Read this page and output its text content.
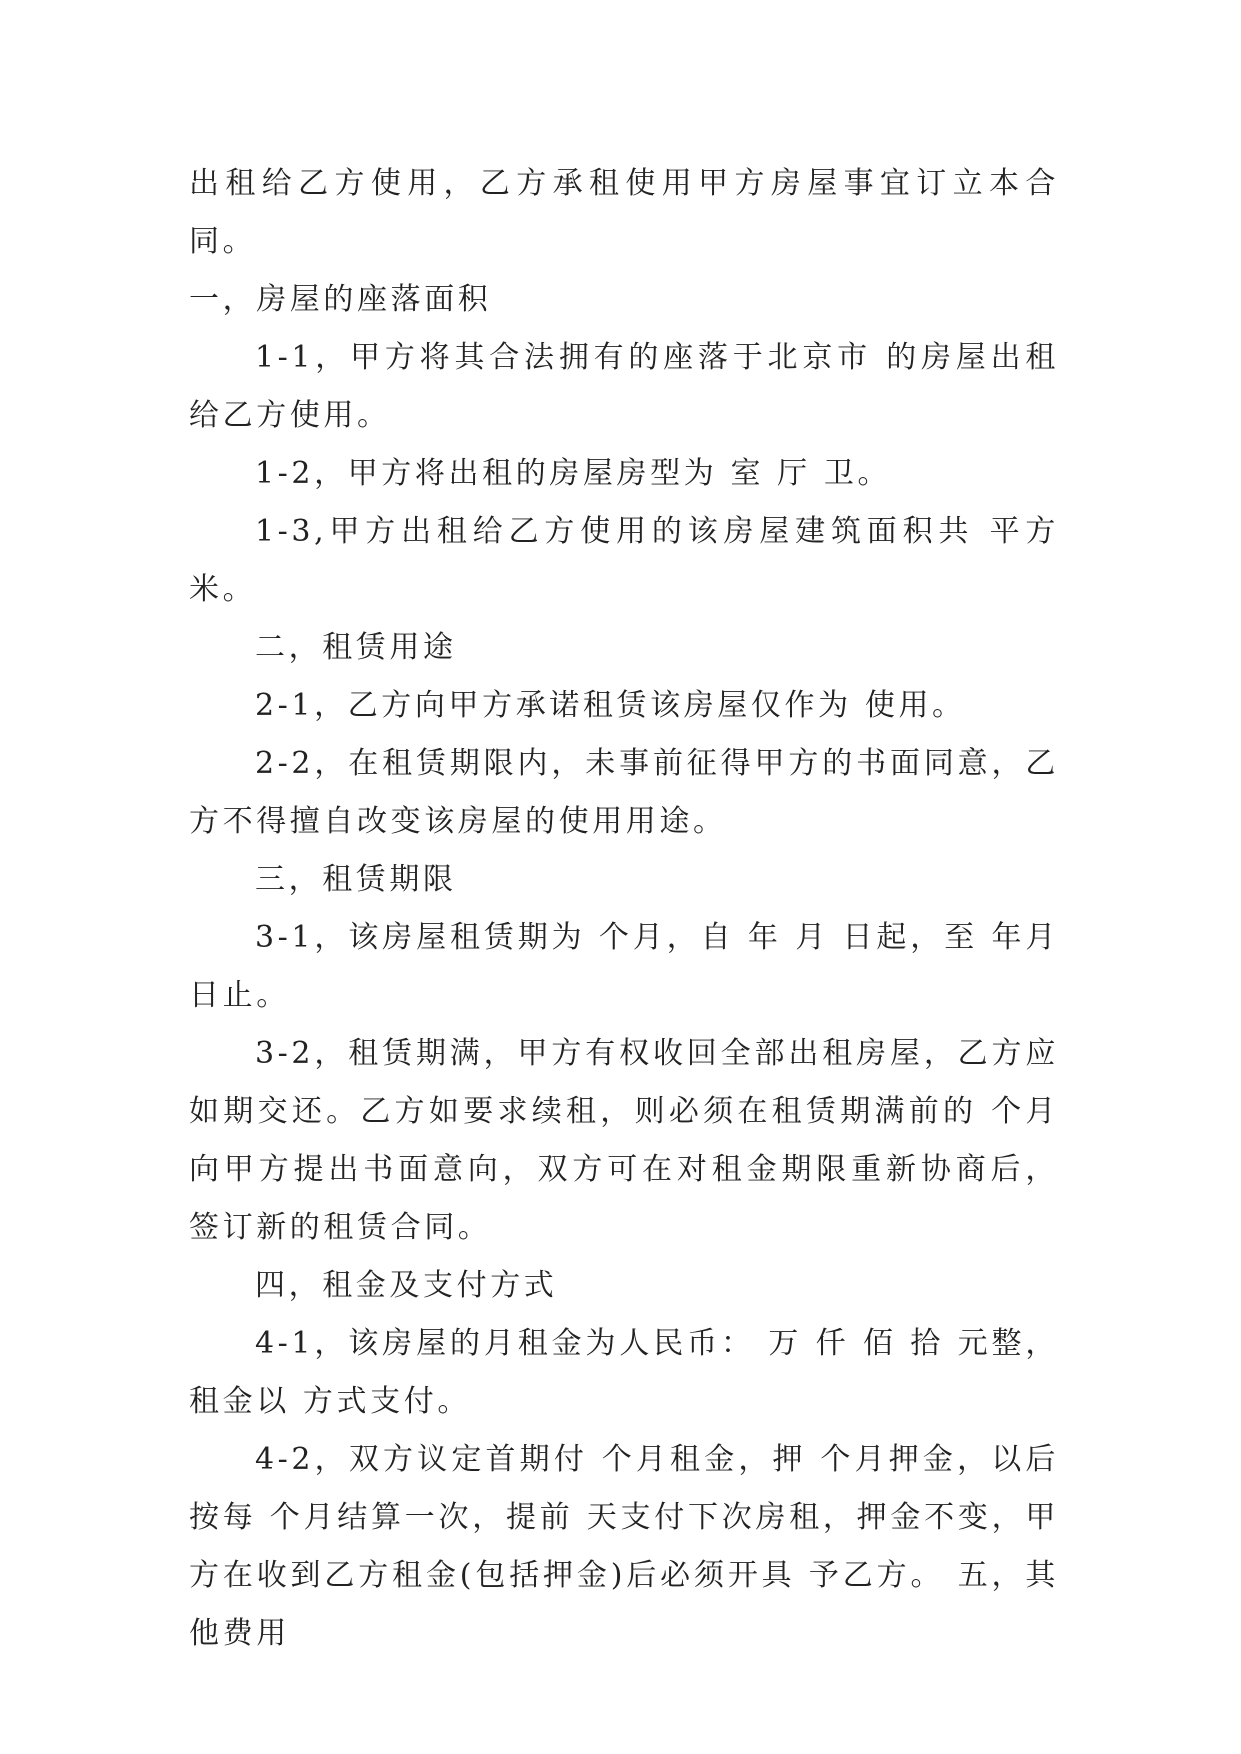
出租给乙方使用，乙方承租使用甲方房屋事宜订立本合同。

一，房屋的座落面积

1-1，甲方将其合法拥有的座落于北京市 的房屋出租给乙方使用。

1-2，甲方将出租的房屋房型为 室 厅 卫。

1-3,甲方出租给乙方使用的该房屋建筑面积共 平方米。

二，租赁用途

2-1，乙方向甲方承诺租赁该房屋仅作为 使用。

2-2，在租赁期限内，未事前征得甲方的书面同意，乙方不得擅自改变该房屋的使用用途。

三，租赁期限

3-1，该房屋租赁期为 个月，自 年 月 日起，至 年月 日止。

3-2，租赁期满，甲方有权收回全部出租房屋，乙方应如期交还。乙方如要求续租，则必须在租赁期满前的 个月向甲方提出书面意向，双方可在对租金期限重新协商后，签订新的租赁合同。

四，租金及支付方式

4-1，该房屋的月租金为人民币： 万 仟 佰 拾 元整，租金以 方式支付。

4-2，双方议定首期付 个月租金，押 个月押金，以后按每 个月结算一次，提前 天支付下次房租，押金不变，甲方在收到乙方租金(包括押金)后必须开具 予乙方。 五，其他费用
